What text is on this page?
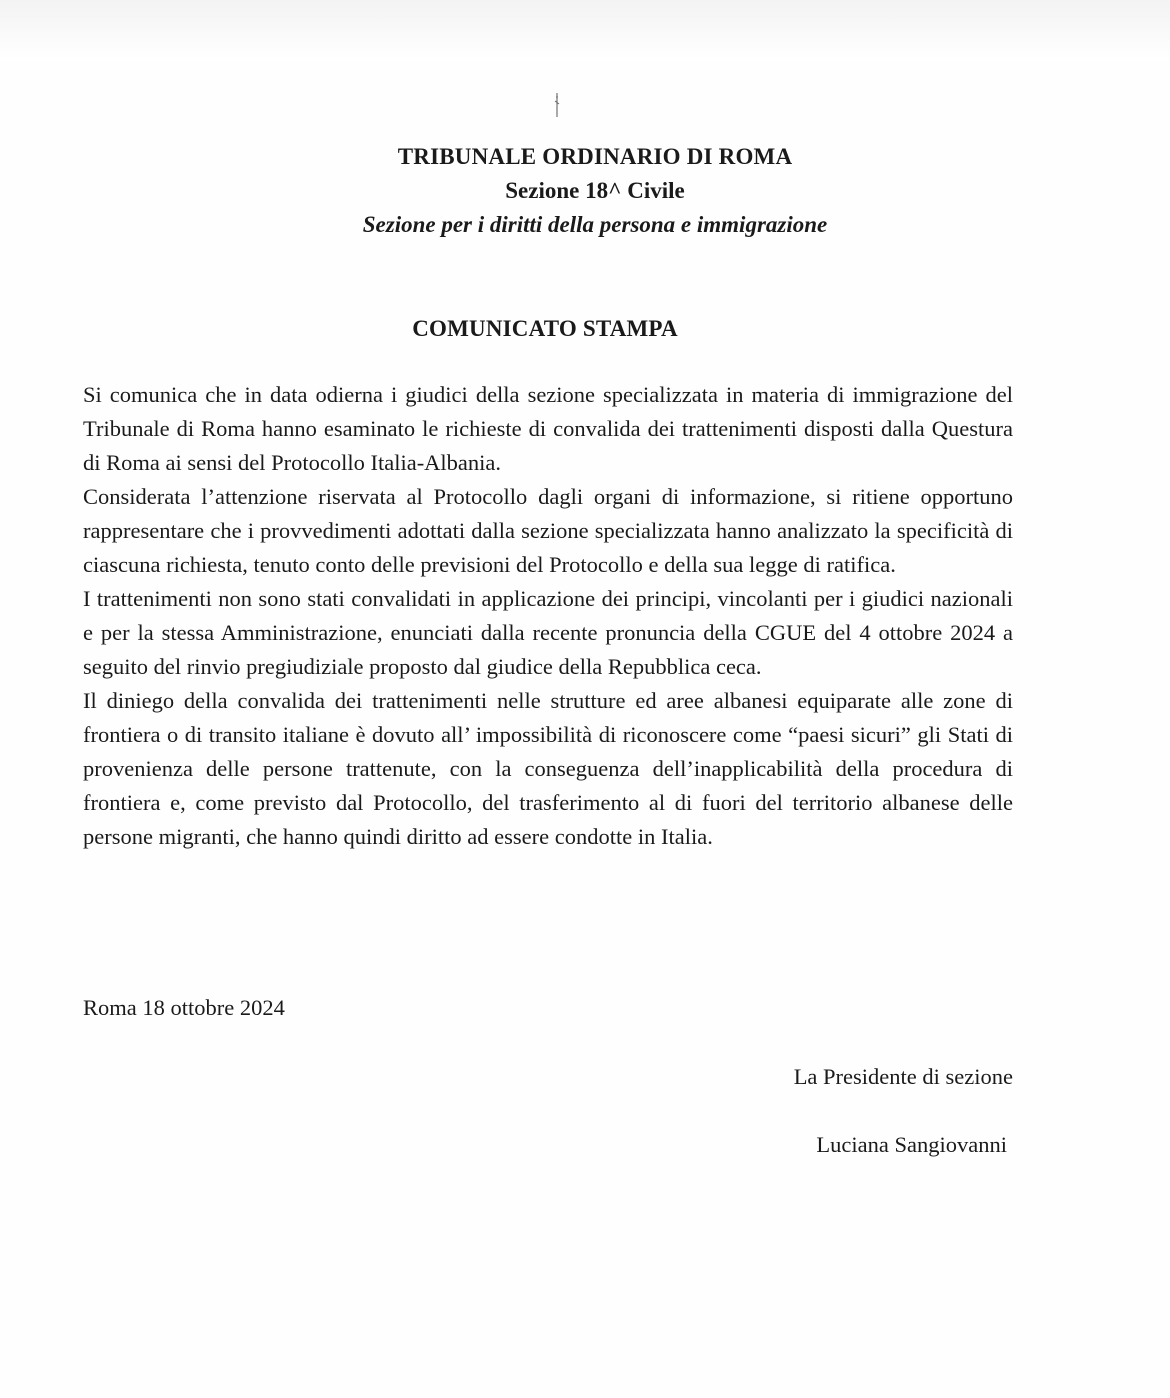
TRIBUNALE ORDINARIO DI ROMA
Sezione 18^ Civile
Sezione per i diritti della persona e immigrazione
COMUNICATO STAMPA

Si comunica che in data odierna i giudici della sezione specializzata in materia di immigrazione del Tribunale di Roma hanno esaminato le richieste di convalida dei trattenimenti disposti dalla Questura di Roma ai sensi del Protocollo Italia-Albania.

Considerata l’attenzione riservata al Protocollo dagli organi di informazione, si ritiene opportuno rappresentare che i provvedimenti adottati dalla sezione specializzata hanno analizzato la specificità di ciascuna richiesta, tenuto conto delle previsioni del Protocollo e della sua legge di ratifica.

I trattenimenti non sono stati convalidati in applicazione dei principi, vincolanti per i giudici nazionali e per la stessa Amministrazione, enunciati dalla recente pronuncia della CGUE del 4 ottobre 2024 a seguito del rinvio pregiudiziale proposto dal giudice della Repubblica ceca.

Il diniego della convalida dei trattenimenti nelle strutture ed aree albanesi equiparate alle zone di frontiera o di transito italiane è dovuto all’ impossibilità di riconoscere come “paesi sicuri” gli Stati di provenienza delle persone trattenute, con la conseguenza dell’inapplicabilità della procedura di frontiera e, come previsto dal Protocollo, del trasferimento al di fuori del territorio albanese delle persone migranti, che hanno quindi diritto ad essere condotte in Italia.

Roma 18 ottobre 2024
La Presidente di sezione
Luciana Sangiovanni
